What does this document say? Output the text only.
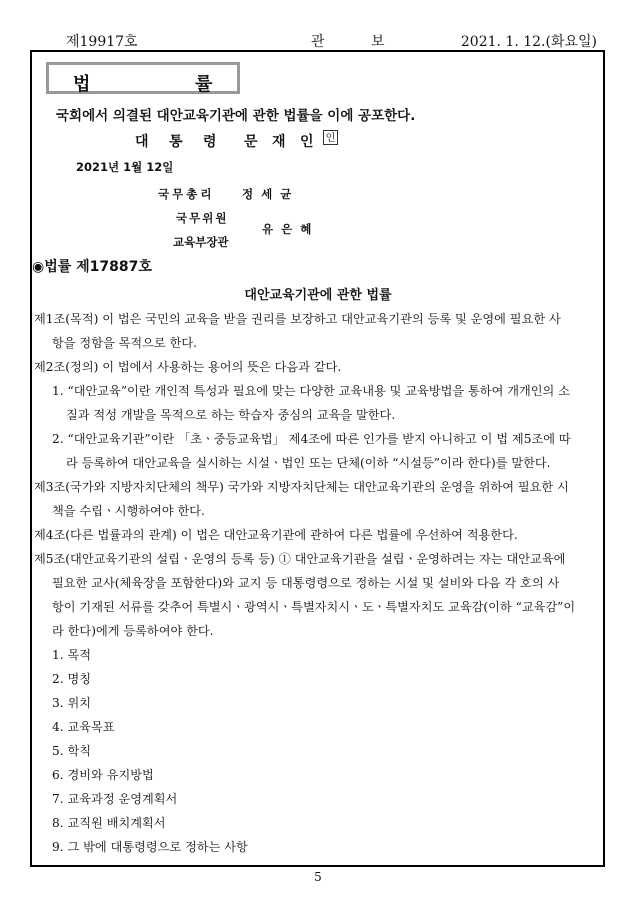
제19917호	관	보	2021. 1. 12.(화요일)
법	률
국회에서 의결된 대안교육기관에 관한 법률을 이에 공포한다.
대 통 령 문 재 인 인
2021년 1월 12일
국무총리 정 세 균
국무위원
교육부장관
유 은 혜
◉법률 제17887호
대안교육기관에 관한 법률
제1조(목적) 이 법은 국민의 교육을 받을 권리를 보장하고 대안교육기관의 등록 및 운영에 필요한 사
항을 정함을 목적으로 한다.
제2조(정의) 이 법에서 사용하는 용어의 뜻은 다음과 같다.
1. “대안교육”이란 개인적 특성과 필요에 맞는 다양한 교육내용 및 교육방법을 통하여 개개인의 소
질과 적성 개발을 목적으로 하는 학습자 중심의 교육을 말한다.
2. “대안교육기관”이란 「초ㆍ중등교육법」 제4조에 따른 인가를 받지 아니하고 이 법 제5조에 따
라 등록하여 대안교육을 실시하는 시설ㆍ법인 또는 단체(이하 “시설등”이라 한다)를 말한다.
제3조(국가와 지방자치단체의 책무) 국가와 지방자치단체는 대안교육기관의 운영을 위하여 필요한 시
책을 수립ㆍ시행하여야 한다.
제4조(다른 법률과의 관계) 이 법은 대안교육기관에 관하여 다른 법률에 우선하여 적용한다.
제5조(대안교육기관의 설립ㆍ운영의 등록 등) ① 대안교육기관을 설립ㆍ운영하려는 자는 대안교육에
필요한 교사(체육장을 포함한다)와 교지 등 대통령령으로 정하는 시설 및 설비와 다음 각 호의 사
항이 기재된 서류를 갖추어 특별시ㆍ광역시ㆍ특별자치시ㆍ도ㆍ특별자치도 교육감(이하 “교육감”이
라 한다)에게 등록하여야 한다.
1. 목적
2. 명칭
3. 위치
4. 교육목표
5. 학칙
6. 경비와 유지방법
7. 교육과정 운영계획서
8. 교직원 배치계획서
9. 그 밖에 대통령령으로 정하는 사항
5
